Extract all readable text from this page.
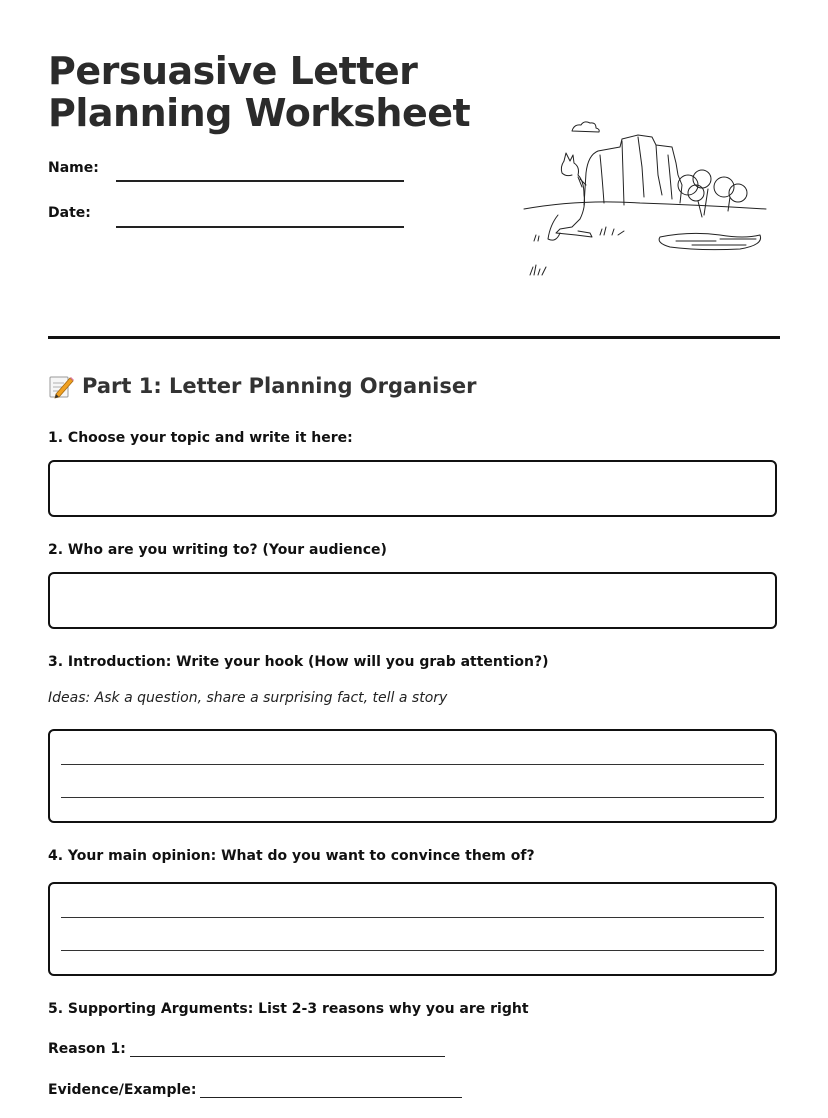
Persuasive Letter
Planning Worksheet
Name:
Date:
Part 1: Letter Planning Organiser
1. Choose your topic and write it here:
2. Who are you writing to? (Your audience)
3. Introduction: Write your hook (How will you grab attention?)
Ideas: Ask a question, share a surprising fact, tell a story
4. Your main opinion: What do you want to convince them of?
5. Supporting Arguments: List 2-3 reasons why you are right
Reason 1:
Evidence/Example:
